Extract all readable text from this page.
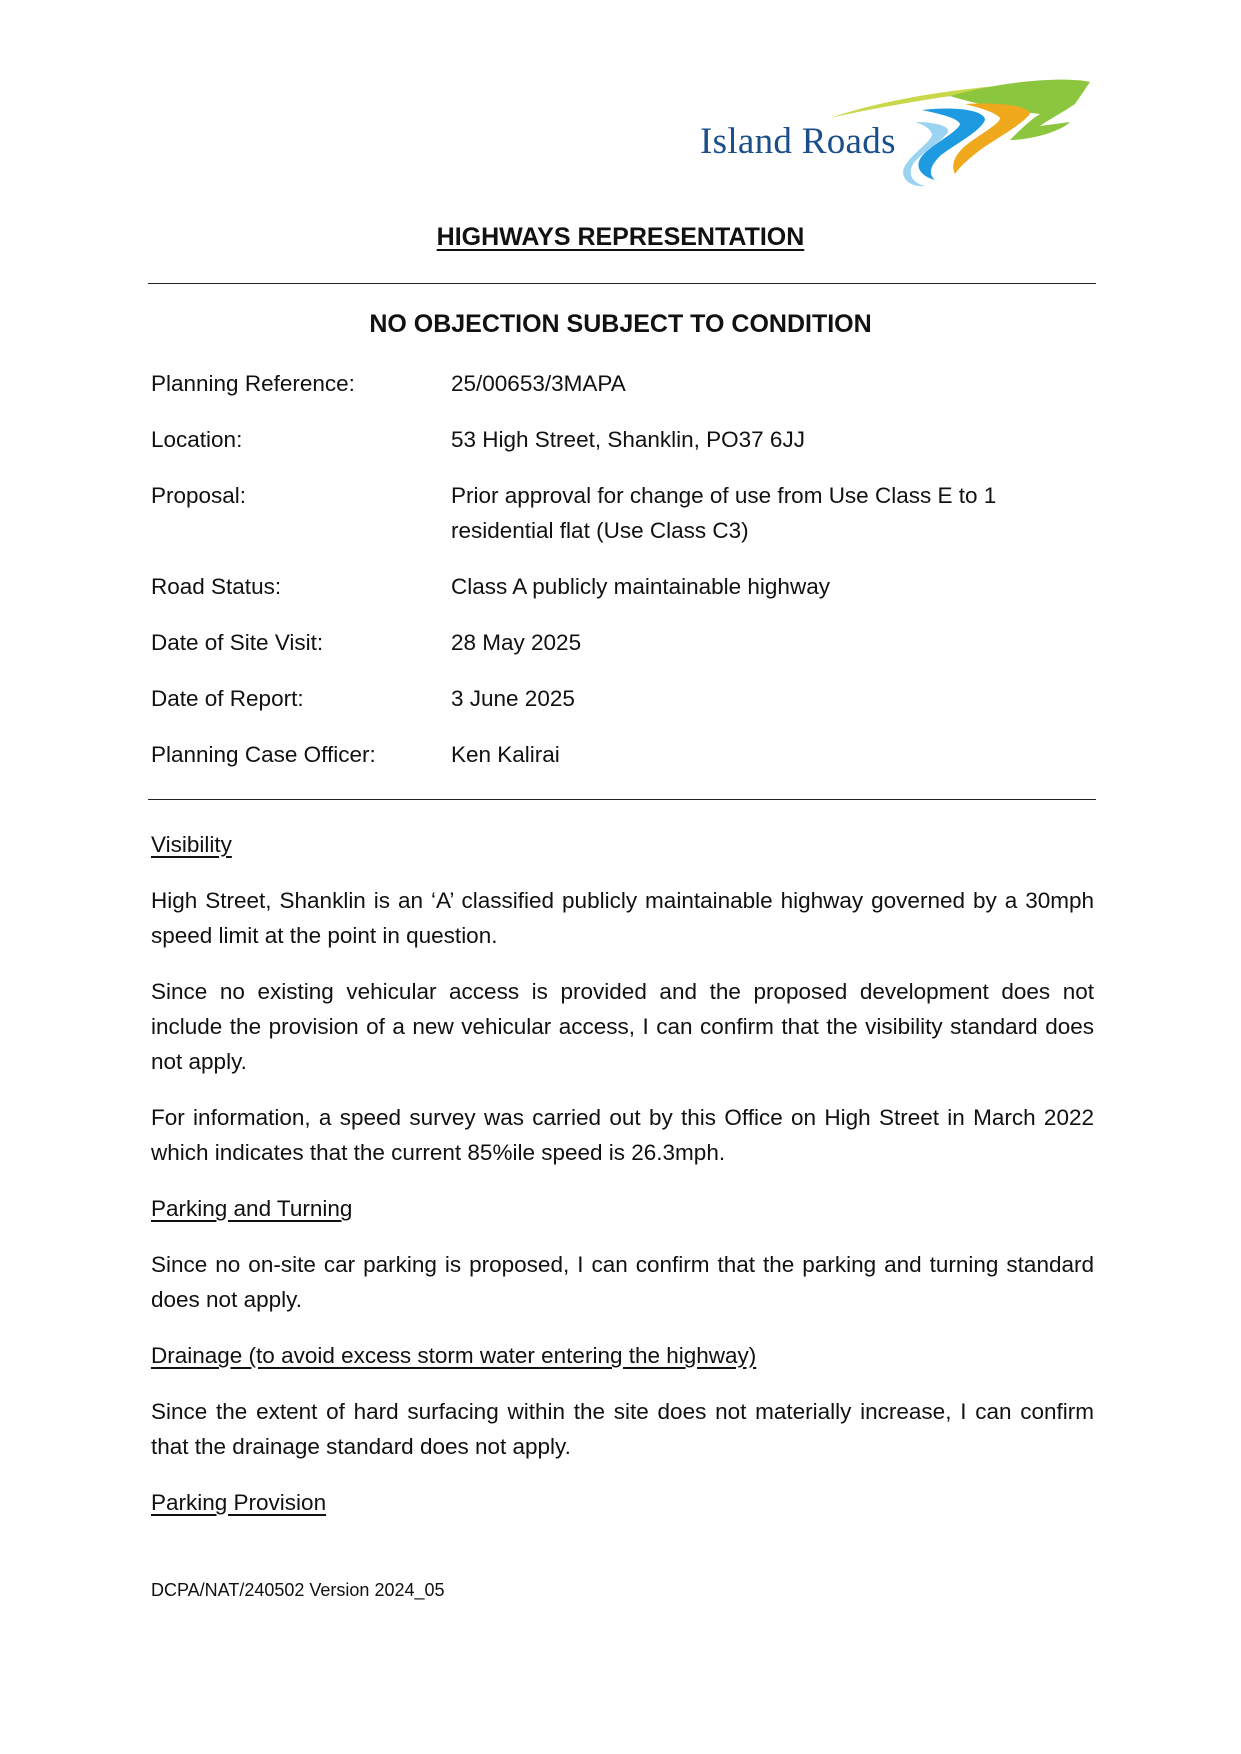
Island Roads
HIGHWAYS REPRESENTATION
NO OBJECTION SUBJECT TO CONDITION
Planning Reference:	25/00653/3MAPA
Location:	53 High Street, Shanklin, PO37 6JJ
Proposal:	Prior approval for change of use from Use Class E to 1 residential flat (Use Class C3)
Road Status:	Class A publicly maintainable highway
Date of Site Visit:	28 May 2025
Date of Report:	3 June 2025
Planning Case Officer:	Ken Kalirai
Visibility
High Street, Shanklin is an ‘A’ classified publicly maintainable highway governed by a 30mph speed limit at the point in question.
Since no existing vehicular access is provided and the proposed development does not include the provision of a new vehicular access, I can confirm that the visibility standard does not apply.
For information, a speed survey was carried out by this Office on High Street in March 2022 which indicates that the current 85%ile speed is 26.3mph.
Parking and Turning
Since no on-site car parking is proposed, I can confirm that the parking and turning standard does not apply.
Drainage (to avoid excess storm water entering the highway)
Since the extent of hard surfacing within the site does not materially increase, I can confirm that the drainage standard does not apply.
Parking Provision
DCPA/NAT/240502 Version 2024_05
